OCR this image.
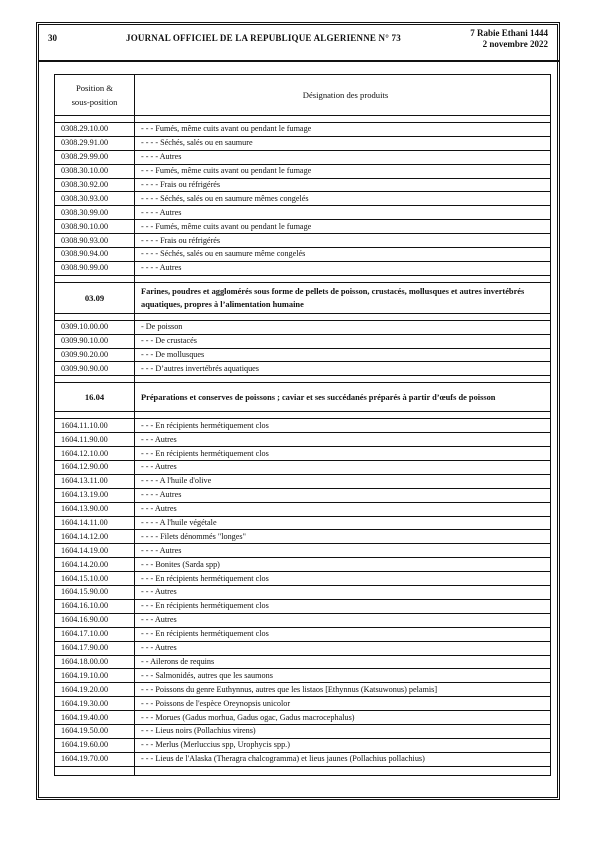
30	JOURNAL OFFICIEL DE LA REPUBLIQUE ALGERIENNE N° 73	7 Rabie Ethani 1444
2 novembre 2022
Position &
sous-position	Désignation des produits

0308.29.10.00	- - - Fumés, même cuits avant ou pendant le fumage
0308.29.91.00	- - - - Séchés, salés ou en saumure
0308.29.99.00	- - - - Autres
0308.30.10.00	- - - Fumés, même cuits avant ou pendant le fumage
0308.30.92.00	- - - - Frais ou réfrigérés
0308.30.93.00	- - - - Séchés, salés ou en saumure mêmes congelés
0308.30.99.00	- - - - Autres
0308.90.10.00	- - - Fumés, même cuits avant ou pendant le fumage
0308.90.93.00	- - - - Frais ou réfrigérés
0308.90.94.00	- - - - Séchés, salés ou en saumure même congelés
0308.90.99.00	- - - - Autres

03.09	Farines, poudres et agglomérés sous forme de pellets de poisson, crustacés, mollusques et autres invertébrés aquatiques, propres à l’alimentation humaine

0309.10.00.00	- De poisson
0309.90.10.00	- - - De crustacés
0309.90.20.00	- - - De mollusques
0309.90.90.00	- - - D’autres invertébrés aquatiques

16.04	Préparations et conserves de poissons ; caviar et ses succédanés préparés à partir d’œufs de poisson

1604.11.10.00	- - - En récipients hermétiquement clos
1604.11.90.00	- - - Autres
1604.12.10.00	- - - En récipients hermétiquement clos
1604.12.90.00	- - - Autres
1604.13.11.00	- - - - A l'huile d'olive
1604.13.19.00	- - - - Autres
1604.13.90.00	- - - Autres
1604.14.11.00	- - - - A l'huile végétale
1604.14.12.00	- - - - Filets dénommés "longes"
1604.14.19.00	- - - - Autres
1604.14.20.00	- - - Bonites (Sarda spp)
1604.15.10.00	- - - En récipients hermétiquement clos
1604.15.90.00	- - - Autres
1604.16.10.00	- - - En récipients hermétiquement clos
1604.16.90.00	- - - Autres
1604.17.10.00	- - - En récipients hermétiquement clos
1604.17.90.00	- - - Autres
1604.18.00.00	- - Ailerons de requins
1604.19.10.00	- - - Salmonidés, autres que les saumons
1604.19.20.00	- - - Poissons du genre Euthynnus, autres que les listaos [Ethynnus (Katsuwonus) pelamis]
1604.19.30.00	- - - Poissons de l'espèce Oreynopsis unicolor
1604.19.40.00	- - - Morues (Gadus morhua, Gadus ogac, Gadus macrocephalus)
1604.19.50.00	- - - Lieus noirs (Pollachius virens)
1604.19.60.00	- - - Merlus (Merluccius spp, Urophycis spp.)
1604.19.70.00	- - - Lieus de l'Alaska (Theragra chalcogramma) et lieus jaunes (Pollachius pollachius)
